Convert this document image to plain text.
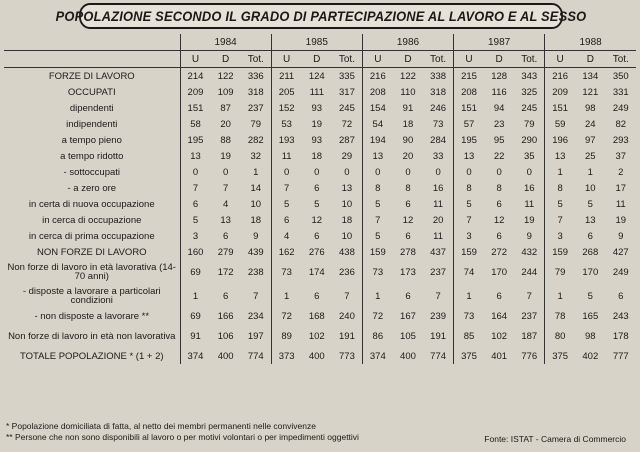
POPOLAZIONE SECONDO IL GRADO DI PARTECIPAZIONE AL LAVORO E AL SESSO
	1984			1985			1986			1987			1988		
	U	D	Tot.	U	D	Tot.	U	D	Tot.	U	D	Tot.	U	D	Tot.
FORZE DI LAVORO	214	122	336	211	124	335	216	122	338	215	128	343	216	134	350
OCCUPATI	209	109	318	205	111	317	208	110	318	208	116	325	209	121	331
dipendenti	151	87	237	152	93	245	154	91	246	151	94	245	151	98	249
indipendenti	58	20	79	53	19	72	54	18	73	57	23	79	59	24	82
a tempo pieno	195	88	282	193	93	287	194	90	284	195	95	290	196	97	293
a tempo ridotto	13	19	32	11	18	29	13	20	33	13	22	35	13	25	37
- sottoccupati	0	0	1	0	0	0	0	0	0	0	0	0	1	1	2
- a zero ore	7	7	14	7	6	13	8	8	16	8	8	16	8	10	17
in certa di nuova occupazione	6	4	10	5	5	10	5	6	11	5	6	11	5	5	11
in cerca di occupazione	5	13	18	6	12	18	7	12	20	7	12	19	7	13	19
in cerca di prima occupazione	3	6	9	4	6	10	5	6	11	3	6	9	3	6	9
NON FORZE DI LAVORO	160	279	439	162	276	438	159	278	437	159	272	432	159	268	427
Non forze di lavoro in età lavorativa (14-70 anni)	69	172	238	73	174	236	73	173	237	74	170	244	79	170	249
- disposte a lavorare a particolari condizioni	1	6	7	1	6	7	1	6	7	1	6	7	1	5	6
- non disposte a lavorare **	69	166	234	72	168	240	72	167	239	73	164	237	78	165	243
Non forze di lavoro in età non lavorativa	91	106	197	89	102	191	86	105	191	85	102	187	80	98	178
TOTALE POPOLAZIONE * (1 + 2)	374	400	774	373	400	773	374	400	774	375	401	776	375	402	777
* Popolazione domiciliata di fatta, al netto dei membri permanenti nelle convivenze
** Persone che non sono disponibili al lavoro o per motivi volontari o per impedimenti oggettivi	Fonte: ISTAT - Camera di Commercio
